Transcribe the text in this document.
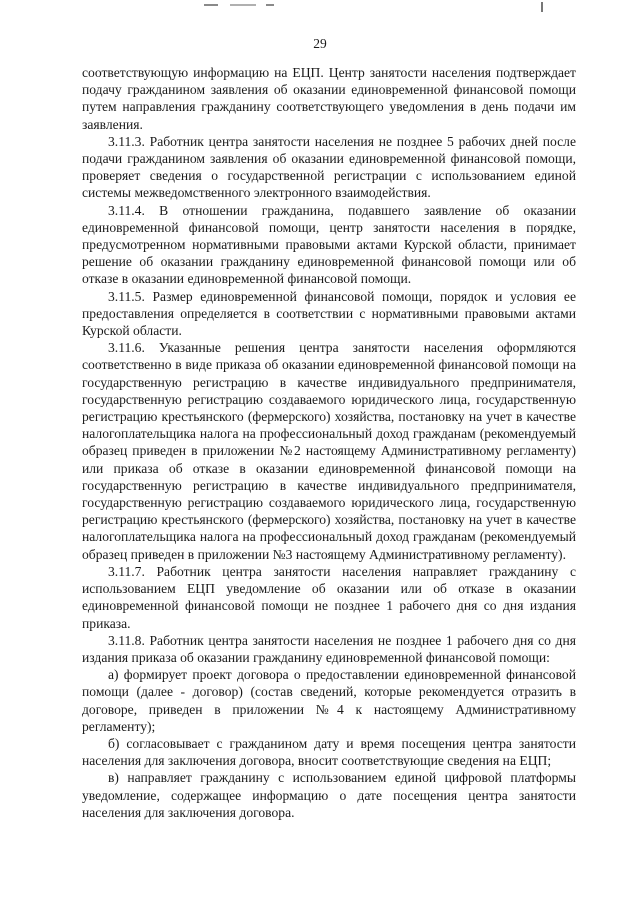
29

соответствующую информацию на ЕЦП. Центр занятости населения подтверждает подачу гражданином заявления об оказании единовременной финансовой помощи путем направления гражданину соответствующего уведомления в день подачи им заявления.

3.11.3. Работник центра занятости населения не позднее 5 рабочих дней после подачи гражданином заявления об оказании единовременной финансовой помощи, проверяет сведения о государственной регистрации с использованием единой системы межведомственного электронного взаимодействия.

3.11.4. В отношении гражданина, подавшего заявление об оказании единовременной финансовой помощи, центр занятости населения в порядке, предусмотренном нормативными правовыми актами Курской области, принимает решение об оказании гражданину единовременной финансовой помощи или об отказе в оказании единовременной финансовой помощи.

3.11.5. Размер единовременной финансовой помощи, порядок и условия ее предоставления определяется в соответствии с нормативными правовыми актами Курской области.

3.11.6. Указанные решения центра занятости населения оформляются соответственно в виде приказа об оказании единовременной финансовой помощи на государственную регистрацию в качестве индивидуального предпринимателя, государственную регистрацию создаваемого юридического лица, государственную регистрацию крестьянского (фермерского) хозяйства, постановку на учет в качестве налогоплательщика налога на профессиональный доход гражданам (рекомендуемый образец приведен в приложении №2 настоящему Административному регламенту) или приказа об отказе в оказании единовременной финансовой помощи на государственную регистрацию в качестве индивидуального предпринимателя, государственную регистрацию создаваемого юридического лица, государственную регистрацию крестьянского (фермерского) хозяйства, постановку на учет в качестве налогоплательщика налога на профессиональный доход гражданам (рекомендуемый образец приведен в приложении №3 настоящему Административному регламенту).

3.11.7. Работник центра занятости населения направляет гражданину с использованием ЕЦП уведомление об оказании или об отказе в оказании единовременной финансовой помощи не позднее 1 рабочего дня со дня издания приказа.

3.11.8. Работник центра занятости населения не позднее 1 рабочего дня со дня издания приказа об оказании гражданину единовременной финансовой помощи:

а) формирует проект договора о предоставлении единовременной финансовой помощи (далее - договор) (состав сведений, которые рекомендуется отразить в договоре, приведен в приложении №4 к настоящему Административному регламенту);

б) согласовывает с гражданином дату и время посещения центра занятости населения для заключения договора, вносит соответствующие сведения на ЕЦП;

в) направляет гражданину с использованием единой цифровой платформы уведомление, содержащее информацию о дате посещения центра занятости населения для заключения договора.
